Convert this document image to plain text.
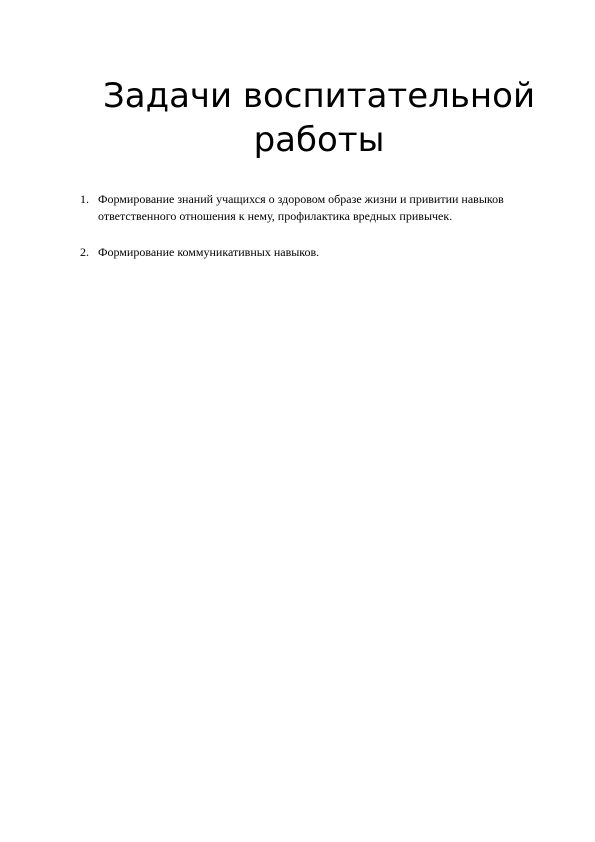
Задачи воспитательной работы
1. Формирование знаний учащихся о здоровом образе жизни и привитии навыков ответственного отношения к нему, профилактика вредных привычек.
2. Формирование коммуникативных навыков.
